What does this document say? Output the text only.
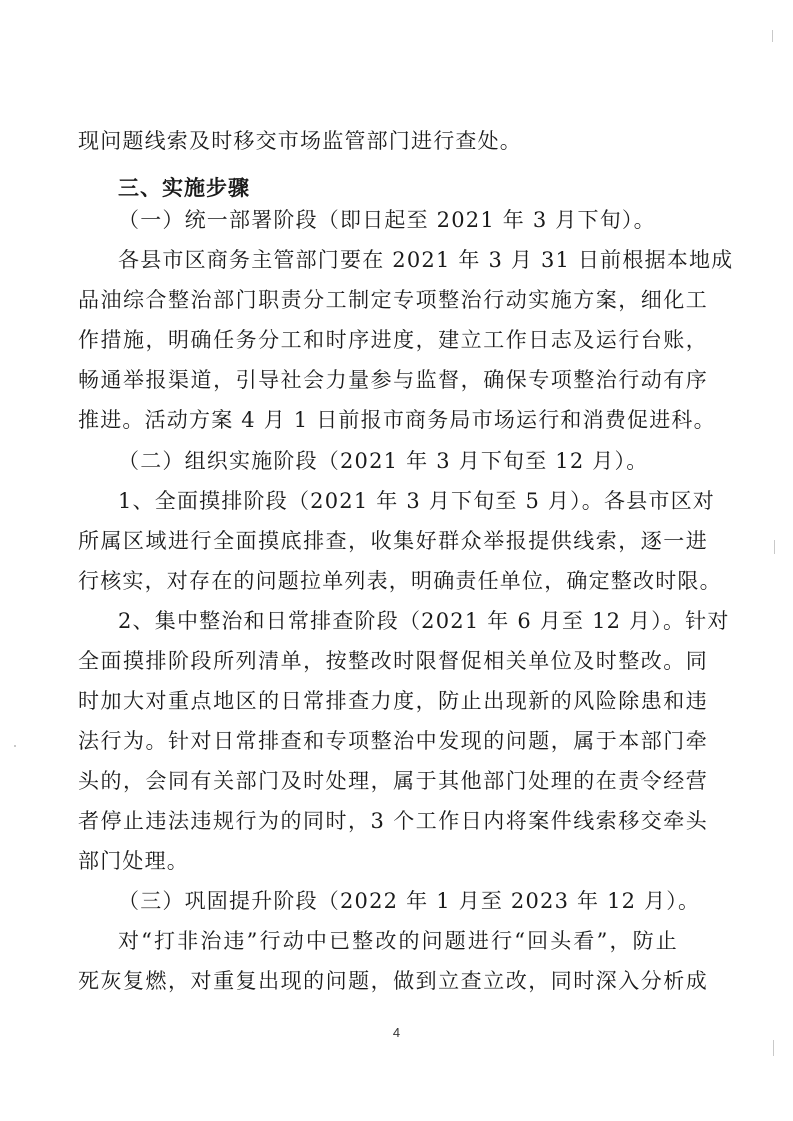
现问题线索及时移交市场监管部门进行查处。
三、实施步骤
（一）统一部署阶段（即日起至 2021 年 3 月下旬）。
各县市区商务主管部门要在 2021 年 3 月 31 日前根据本地成
品油综合整治部门职责分工制定专项整治行动实施方案，细化工
作措施，明确任务分工和时序进度，建立工作日志及运行台账，
畅通举报渠道，引导社会力量参与监督，确保专项整治行动有序
推进。活动方案 4 月 1 日前报市商务局市场运行和消费促进科。
（二）组织实施阶段（2021 年 3 月下旬至 12 月）。
1、全面摸排阶段（2021 年 3 月下旬至 5 月）。各县市区对
所属区域进行全面摸底排查，收集好群众举报提供线索，逐一进
行核实，对存在的问题拉单列表，明确责任单位，确定整改时限。
2、集中整治和日常排查阶段（2021 年 6 月至 12 月）。针对
全面摸排阶段所列清单，按整改时限督促相关单位及时整改。同
时加大对重点地区的日常排查力度，防止出现新的风险除患和违
法行为。针对日常排查和专项整治中发现的问题，属于本部门牵
头的，会同有关部门及时处理，属于其他部门处理的在责令经营
者停止违法违规行为的同时，3 个工作日内将案件线索移交牵头
部门处理。
（三）巩固提升阶段（2022 年 1 月至 2023 年 12 月）。
对“打非治违”行动中已整改的问题进行“回头看”，防止
死灰复燃，对重复出现的问题，做到立查立改，同时深入分析成
4
